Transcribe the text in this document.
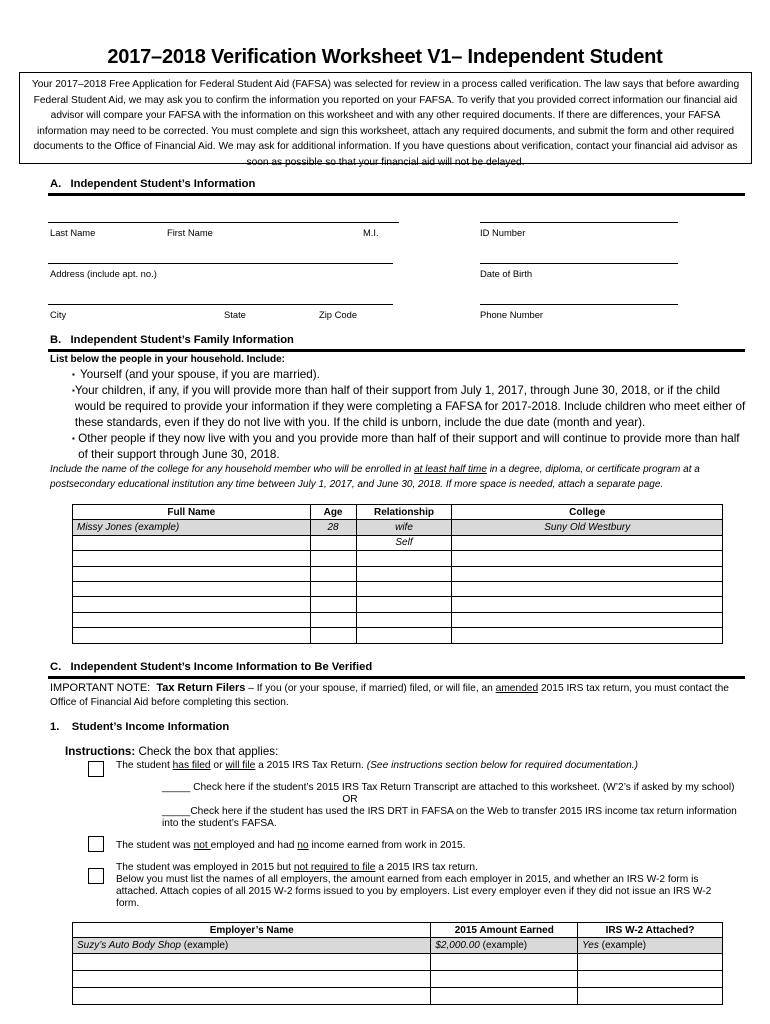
2017–2018 Verification Worksheet V1– Independent Student
Your 2017–2018 Free Application for Federal Student Aid (FAFSA) was selected for review in a process called verification. The law says that before awarding Federal Student Aid, we may ask you to confirm the information you reported on your FAFSA. To verify that you provided correct information our financial aid advisor will compare your FAFSA with the information on this worksheet and with any other required documents. If there are differences, your FAFSA information may need to be corrected. You must complete and sign this worksheet, attach any required documents, and submit the form and other required documents to the Office of Financial Aid. We may ask for additional information. If you have questions about verification, contact your financial aid advisor as soon as possible so that your financial aid will not be delayed.
A.   Independent Student’s Information
Last Name	First Name	M.I.	ID Number
Address (include apt. no.)	Date of Birth
City	State	Zip Code	Phone Number
B.   Independent Student’s Family Information
List below the people in your household. Include:
▪ Yourself (and your spouse, if you are married).
▪ Your children, if any, if you will provide more than half of their support from July 1, 2017, through June 30, 2018, or if the child would be required to provide your information if they were completing a FAFSA for 2017-2018. Include children who meet either of these standards, even if they do not live with you. If the child is unborn, include the due date (month and year).
▪ Other people if they now live with you and you provide more than half of their support and will continue to provide more than half of their support through June 30, 2018.
Include the name of the college for any household member who will be enrolled in at least half time in a degree, diploma, or certificate program at a postsecondary educational institution any time between July 1, 2017, and June 30, 2018. If more space is needed, attach a separate page.
Full Name	Age	Relationship	College
Missy Jones (example)	28	wife	Suny Old Westbury
		Self	

C.   Independent Student’s Income Information to Be Verified
IMPORTANT NOTE:  Tax Return Filers – If you (or your spouse, if married) filed, or will file, an amended 2015 IRS tax return, you must contact the Office of Financial Aid before completing this section.
1.    Student’s Income Information
Instructions: Check the box that applies:
The student has filed or will file a 2015 IRS Tax Return. (See instructions section below for required documentation.)
_____ Check here if the student’s 2015 IRS Tax Return Transcript are attached to this worksheet. (W’2’s if asked by my school)
OR
_____Check here if the student has used the IRS DRT in FAFSA on the Web to transfer 2015 IRS income tax return information into the student’s FAFSA.
The student was not employed and had no income earned from work in 2015.
The student was employed in 2015 but not required to file a 2015 IRS tax return.
Below you must list the names of all employers, the amount earned from each employer in 2015, and whether an IRS W-2 form is attached. Attach copies of all 2015 W-2 forms issued to you by employers. List every employer even if they did not issue an IRS W-2 form.
Employer’s Name	2015 Amount Earned	IRS W-2 Attached?
Suzy’s Auto Body Shop (example)	$2,000.00 (example)	Yes (example)
